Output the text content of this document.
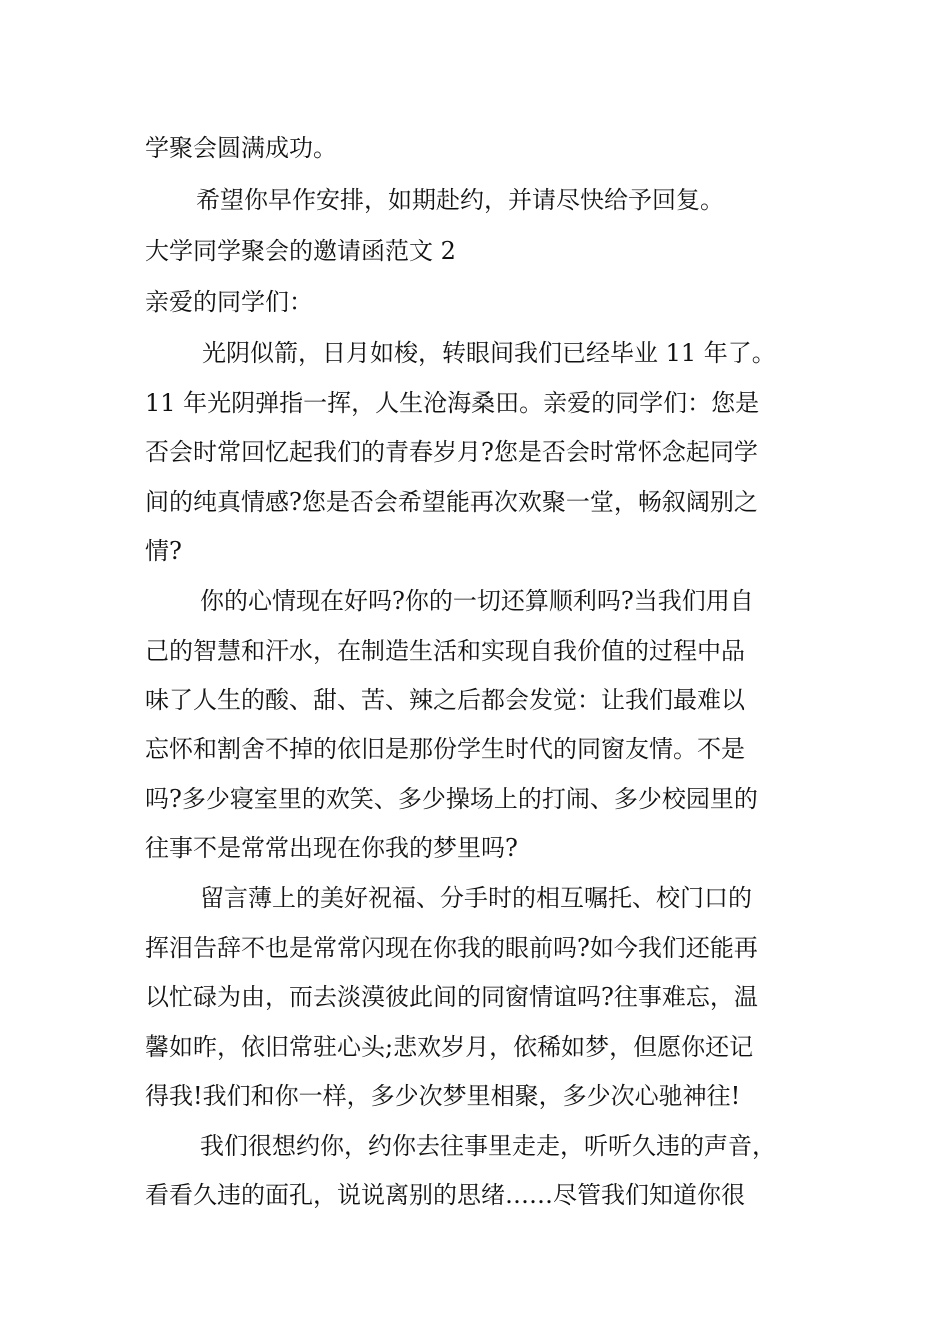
学聚会圆满成功。
希望你早作安排，如期赴约，并请尽快给予回复。
大学同学聚会的邀请函范文 2
亲爱的同学们：
光阴似箭，日月如梭，转眼间我们已经毕业 11 年了。
11 年光阴弹指一挥，人生沧海桑田。亲爱的同学们：您是
否会时常回忆起我们的青春岁月?您是否会时常怀念起同学
间的纯真情感?您是否会希望能再次欢聚一堂，畅叙阔别之
情?
你的心情现在好吗?你的一切还算顺利吗?当我们用自
己的智慧和汗水，在制造生活和实现自我价值的过程中品
味了人生的酸、甜、苦、辣之后都会发觉：让我们最难以
忘怀和割舍不掉的依旧是那份学生时代的同窗友情。不是
吗?多少寝室里的欢笑、多少操场上的打闹、多少校园里的
往事不是常常出现在你我的梦里吗?
留言薄上的美好祝福、分手时的相互嘱托、校门口的
挥泪告辞不也是常常闪现在你我的眼前吗?如今我们还能再
以忙碌为由，而去淡漠彼此间的同窗情谊吗?往事难忘，温
馨如昨，依旧常驻心头;悲欢岁月，依稀如梦，但愿你还记
得我!我们和你一样，多少次梦里相聚，多少次心驰神往!
我们很想约你，约你去往事里走走，听听久违的声音，
看看久违的面孔，说说离别的思绪……尽管我们知道你很
